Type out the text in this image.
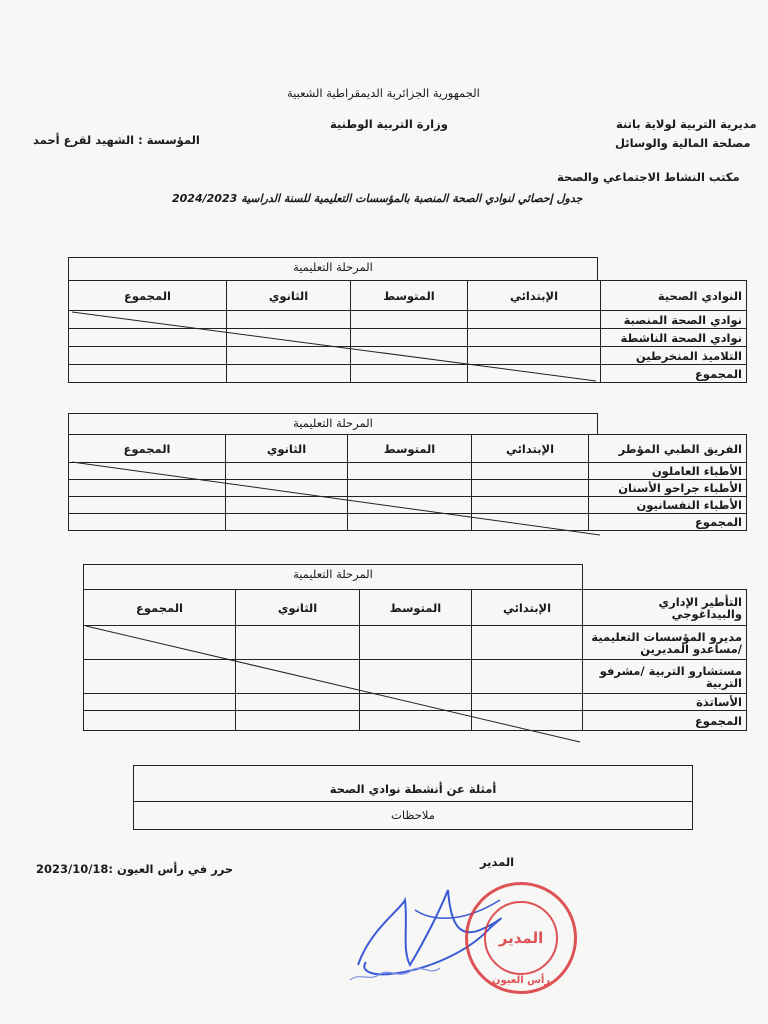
الجمهورية الجزائرية الديمقراطية الشعبية
مديرية التربية لولاية باتنة
مصلحة المالية والوسائل
وزارة التربية الوطنية
المؤسسة : الشهيد لقرع أحمد
مكتب النشاط الاجتماعي والصحة
جدول إحصائي لنوادي الصحة المنصبة بالمؤسسات التعليمية للسنة الدراسية 2024/2023
المرحلة التعليمية
النوادي الصحية	الإبتدائي	المتوسط	الثانوي	المجموع
نوادي الصحة المنصبة				
نوادي الصحة الناشطة				
التلاميذ المنخرطين				
المجموع				
المرحلة التعليمية
الفريق الطبي المؤطر	الإبتدائي	المتوسط	الثانوي	المجموع
الأطباء العاملون				
الأطباء جراحو الأسنان				
الأطباء النفسانيون				
المجموع				
المرحلة التعليمية
التأطير الإداري والبيداغوجي	الإبتدائي	المتوسط	الثانوي	المجموع
مديرو المؤسسات التعليمية /مساعدو المديرين				
مستشارو التربية /مشرفو التربية				
الأساتذة				
المجموع				
أمثلة عن أنشطة نوادي الصحة
ملاحظات
حرر في رأس العيون :2023/10/18	المدير
المدير
رأس العيون
